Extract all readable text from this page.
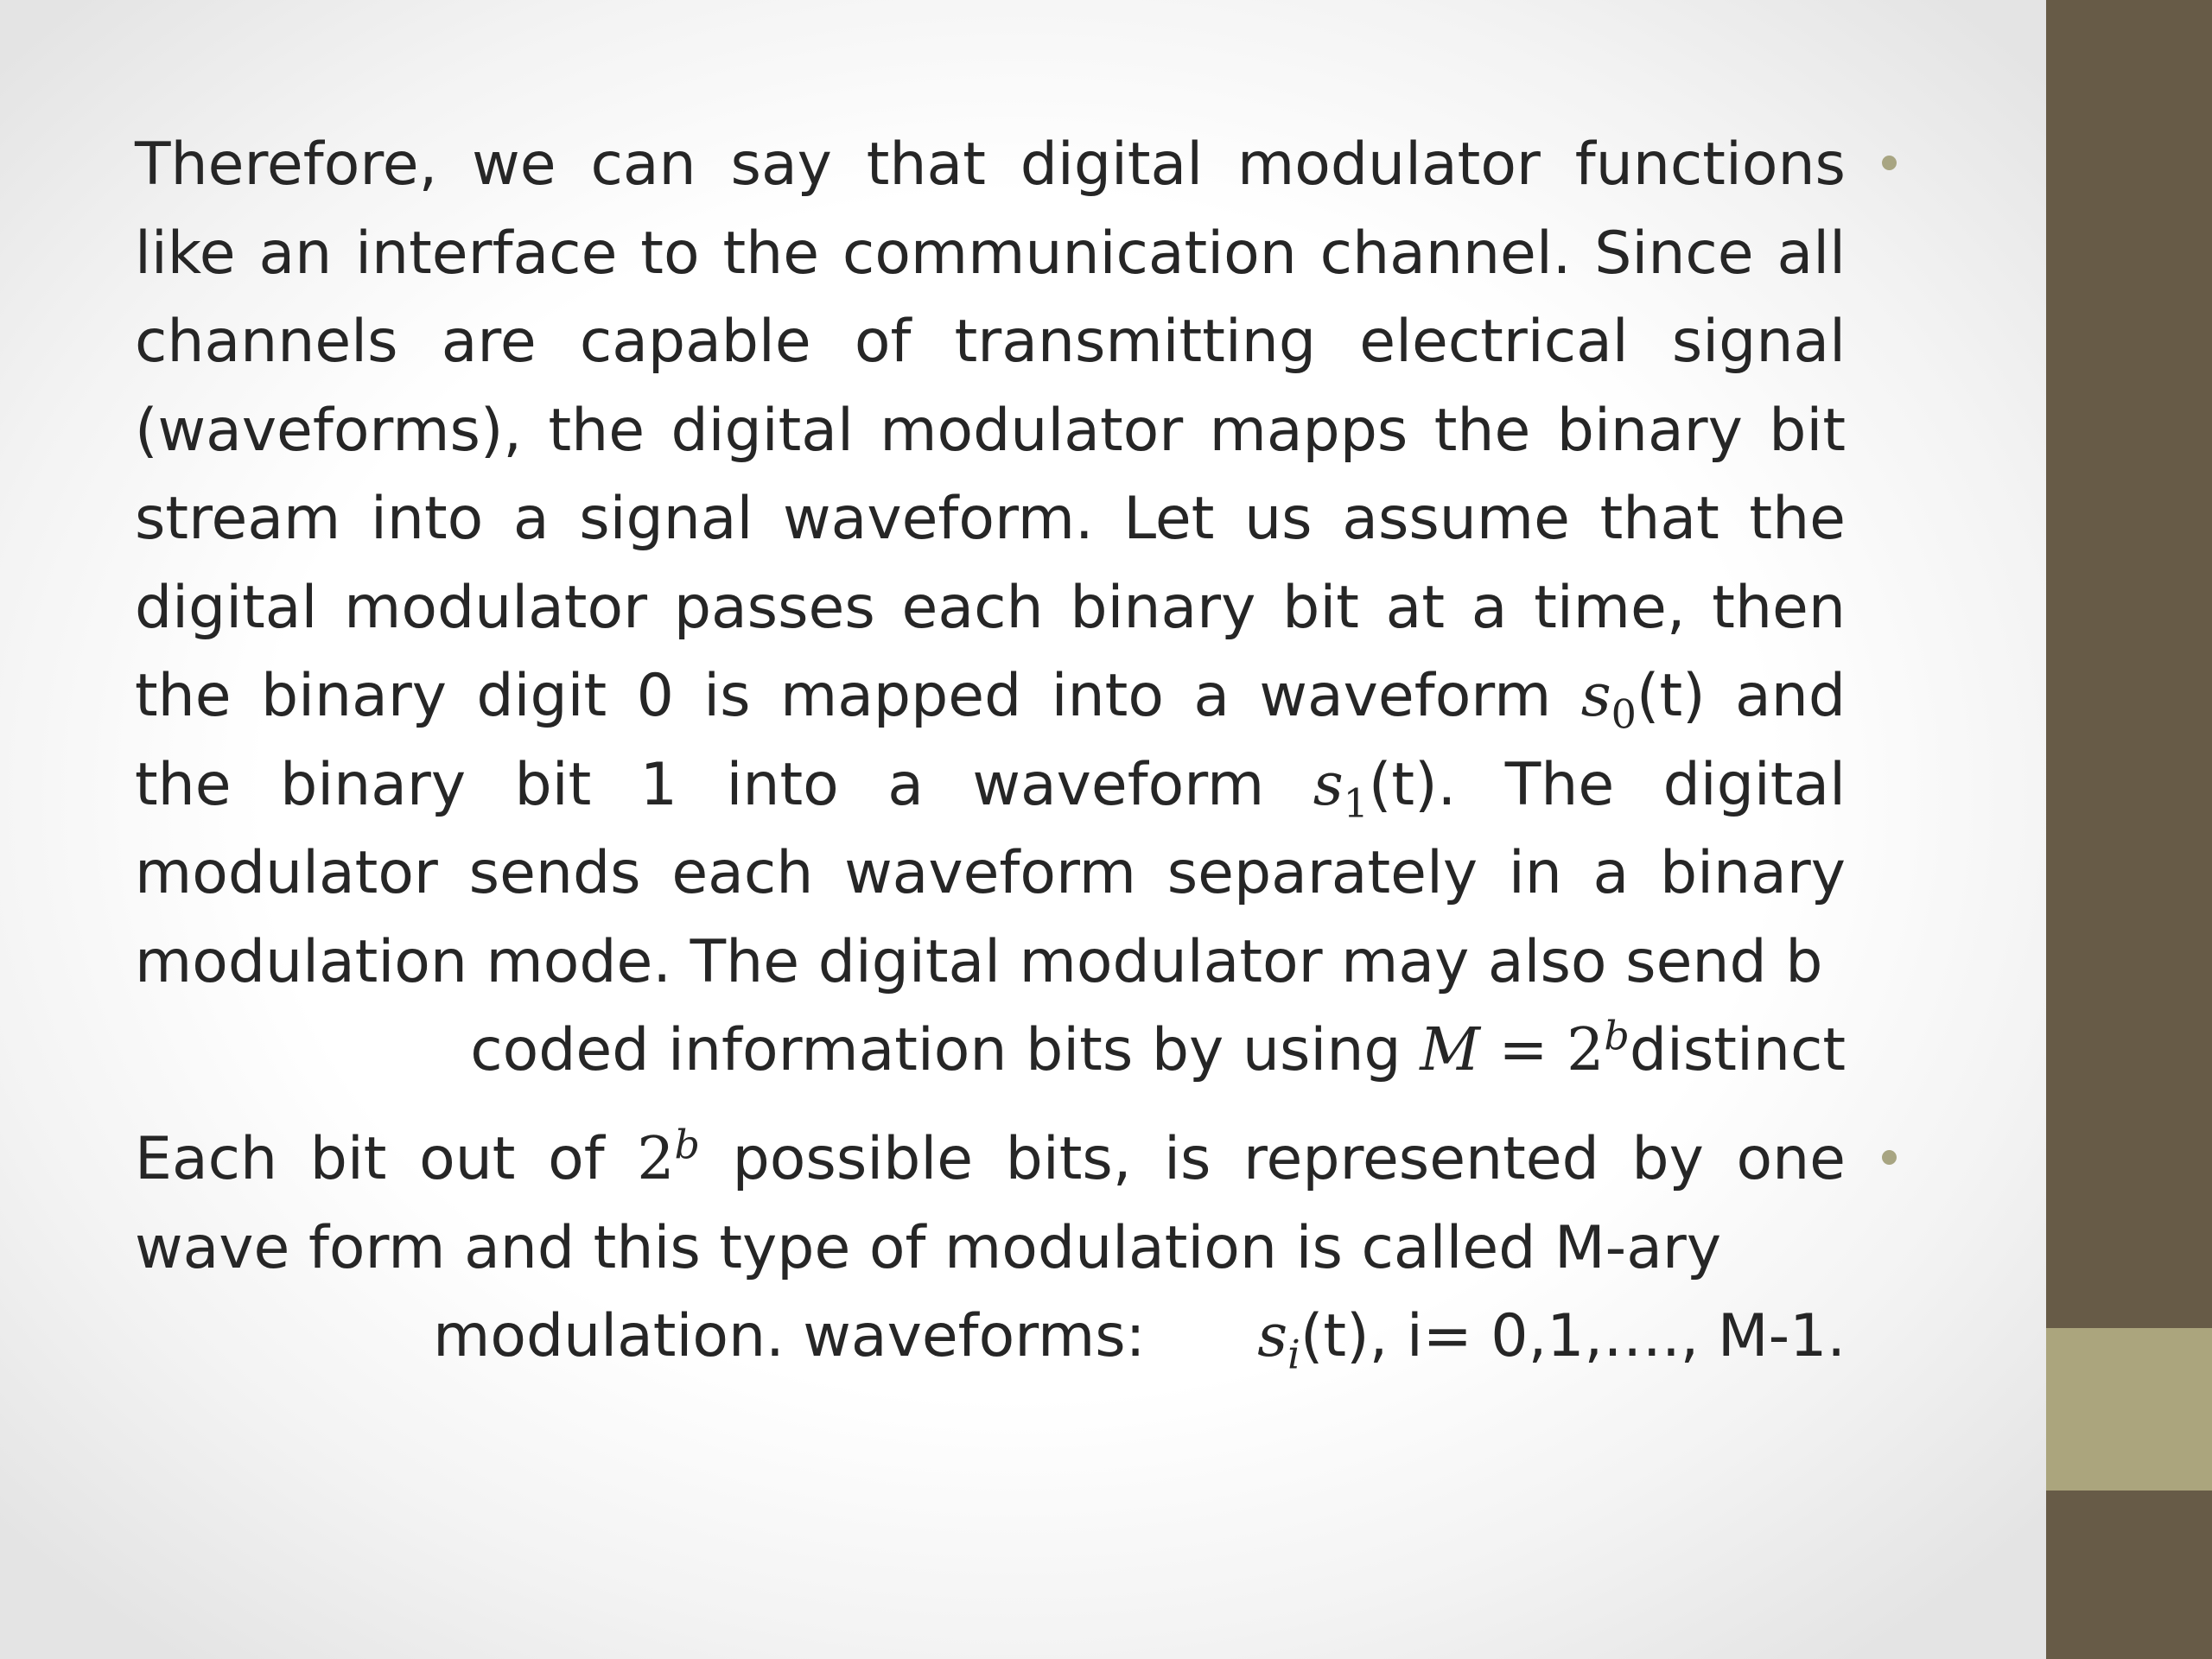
Therefore, we can say that digital modulator functions like an interface to the communication channel. Since all channels are capable of transmitting electrical signal (waveforms), the digital modulator mapps the binary bit stream into a signal waveform. Let us assume that the digital modulator passes each binary bit at a time, then the binary digit 0 is mapped into a waveform $s_0(t)$ and the binary bit 1 into a waveform $s_1(t)$. The digital modulator sends each waveform separately in a binary modulation mode. The digital modulator may also send b
coded information bits by using $M = 2^bdistinct$

Each bit out of 2$^b$ possible bits, is represented by one wave form and this type of modulation is called M-ary
modulation. waveforms: $s_i(t)$, i= 0,1,…., M-1.
